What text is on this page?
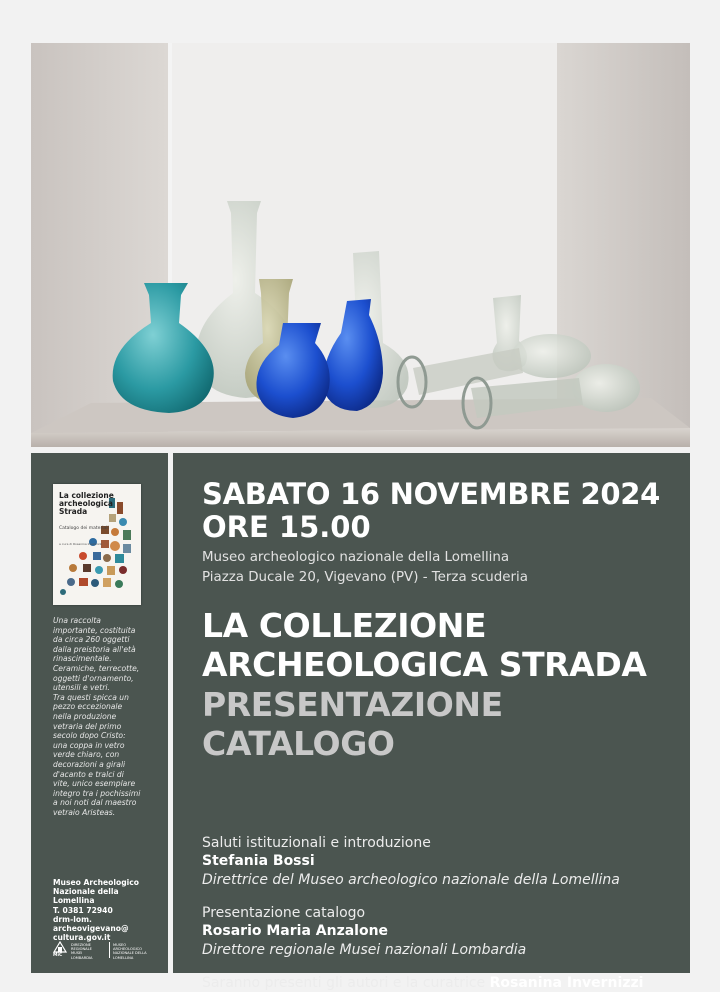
La collezione
archeologica
Strada
Catalogo dei materiali
a cura di Rosanina Invernizzi
Una raccolta
importante, costituita
da circa 260 oggetti
dalla preistoria all'età
rinascimentale.
Ceramiche, terrecotte,
oggetti d'ornamento,
utensili e vetri.
Tra questi spicca un
pezzo eccezionale
nella produzione
vetraria del primo
secolo dopo Cristo:
una coppa in vetro
verde chiaro, con
decorazioni a girali
d'acanto e tralci di
vite, unico esemplare
integro tra i pochissimi
a noi noti dal maestro
vetraio Aristeas.
Museo Archeologico
Nazionale della
Lomellina
T. 0381 72940
drm-lom.
archeovigevano@
cultura.gov.it
MiC
DIREZIONE
REGIONALE
MUSEI
LOMBARDIA
MUSEO
ARCHEOLOGICO
NAZIONALE DELLA
LOMELLINA
SABATO 16 NOVEMBRE 2024
ORE 15.00
Museo archeologico nazionale della Lomellina
Piazza Ducale 20, Vigevano (PV) - Terza scuderia
LA COLLEZIONE
ARCHEOLOGICA STRADA
PRESENTAZIONE
CATALOGO
Saluti istituzionali e introduzione
Stefania Bossi
Direttrice del Museo archeologico nazionale della Lomellina
Presentazione catalogo
Rosario Maria Anzalone
Direttore regionale Musei nazionali Lombardia
Saranno presenti gli autori e la curatrice Rosanina Invernizzi
